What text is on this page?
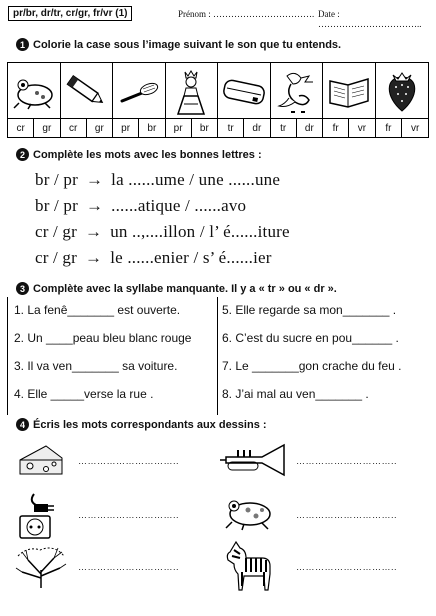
pr/br, dr/tr, cr/gr, fr/vr (1)	Prénom : ……………………………. Date : ……………………………..
1 Colorie la case sous l’image suivant le son que tu entends.
cr	gr	cr	gr	pr	br	pr	br	tr	dr	tr	dr	fr	vr	fr	vr
2 Complète les mots avec les bonnes lettres :
br / pr → la ......ume / une ......une
br / pr → ......atique / ......avo
cr / gr → un ..,....illon / l’ é......iture
cr / gr → le ......enier / s’ é......ier
3 Complète avec la syllabe manquante. Il y a « tr » ou « dr ».
1. La fenê_______ est ouverte.	5. Elle regarde sa mon_______ .
2. Un ____peau bleu blanc rouge	6. C’est du sucre en pou______ .
3. Il va ven_______ sa voiture.	7. Le _______gon crache du feu .
4. Elle _____verse la rue .	8. J’ai mal au ven_______ .
4 Écris les mots correspondants aux dessins :
…………………………..
…………………………..
…………………………..
…………………………..
…………………………..
…………………………..
